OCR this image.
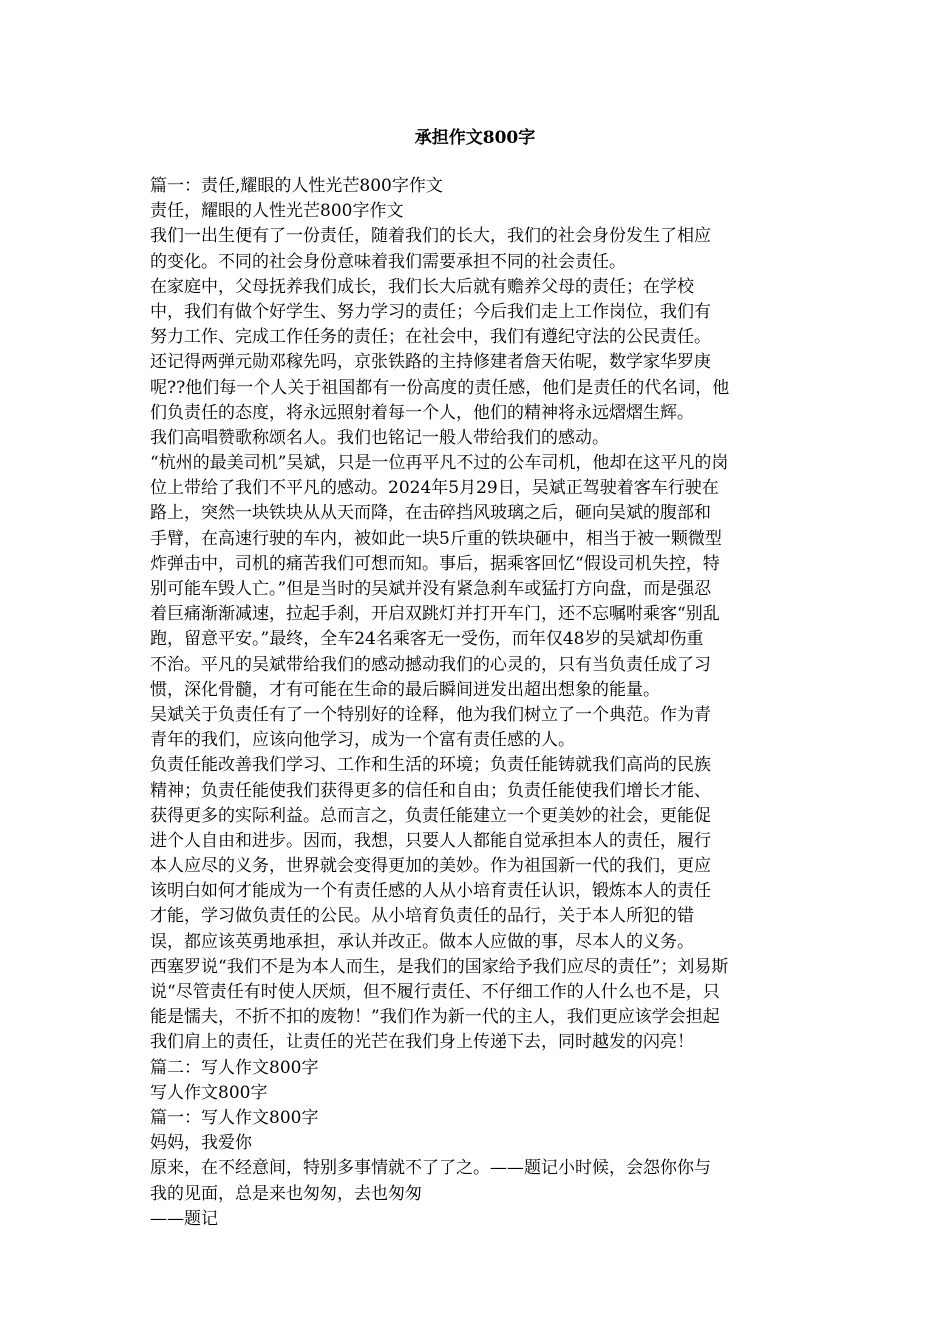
承担作文800字
篇一：责任,耀眼的人性光芒800字作文
责任，耀眼的人性光芒800字作文
我们一出生便有了一份责任，随着我们的长大，我们的社会身份发生了相应
的变化。不同的社会身份意味着我们需要承担不同的社会责任。
在家庭中，父母抚养我们成长，我们长大后就有赡养父母的责任；在学校
中，我们有做个好学生、努力学习的责任；今后我们走上工作岗位，我们有
努力工作、完成工作任务的责任；在社会中，我们有遵纪守法的公民责任。
还记得两弹元勋邓稼先吗，京张铁路的主持修建者詹天佑呢，数学家华罗庚
呢??他们每一个人关于祖国都有一份高度的责任感，他们是责任的代名词，他
们负责任的态度，将永远照射着每一个人，他们的精神将永远熠熠生辉。
我们高唱赞歌称颂名人。我们也铭记一般人带给我们的感动。
“杭州的最美司机”吴斌，只是一位再平凡不过的公车司机，他却在这平凡的岗
位上带给了我们不平凡的感动。2024年5月29日，吴斌正驾驶着客车行驶在
路上，突然一块铁块从从天而降，在击碎挡风玻璃之后，砸向吴斌的腹部和
手臂，在高速行驶的车内，被如此一块5斤重的铁块砸中，相当于被一颗微型
炸弹击中，司机的痛苦我们可想而知。事后，据乘客回忆“假设司机失控，特
别可能车毁人亡。”但是当时的吴斌并没有紧急刹车或猛打方向盘，而是强忍
着巨痛渐渐减速，拉起手刹，开启双跳灯并打开车门，还不忘嘱咐乘客“别乱
跑，留意平安。”最终，全车24名乘客无一受伤，而年仅48岁的吴斌却伤重
不治。平凡的吴斌带给我们的感动撼动我们的心灵的，只有当负责任成了习
惯，深化骨髓，才有可能在生命的最后瞬间迸发出超出想象的能量。
吴斌关于负责任有了一个特别好的诠释，他为我们树立了一个典范。作为青
青年的我们，应该向他学习，成为一个富有责任感的人。
负责任能改善我们学习、工作和生活的环境；负责任能铸就我们高尚的民族
精神；负责任能使我们获得更多的信任和自由；负责任能使我们增长才能、
获得更多的实际利益。总而言之，负责任能建立一个更美妙的社会，更能促
进个人自由和进步。因而，我想，只要人人都能自觉承担本人的责任，履行
本人应尽的义务，世界就会变得更加的美妙。作为祖国新一代的我们，更应
该明白如何才能成为一个有责任感的人从小培育责任认识，锻炼本人的责任
才能，学习做负责任的公民。从小培育负责任的品行，关于本人所犯的错
误，都应该英勇地承担，承认并改正。做本人应做的事，尽本人的义务。
西塞罗说“我们不是为本人而生，是我们的国家给予我们应尽的责任”；刘易斯
说“尽管责任有时使人厌烦，但不履行责任、不仔细工作的人什么也不是，只
能是懦夫，不折不扣的废物！”我们作为新一代的主人，我们更应该学会担起
我们肩上的责任，让责任的光芒在我们身上传递下去，同时越发的闪亮！
篇二：写人作文800字
写人作文800字
篇一：写人作文800字
妈妈，我爱你
原来，在不经意间，特别多事情就不了了之。——题记小时候，会怨你你与
我的见面，总是来也匆匆，去也匆匆
——题记
